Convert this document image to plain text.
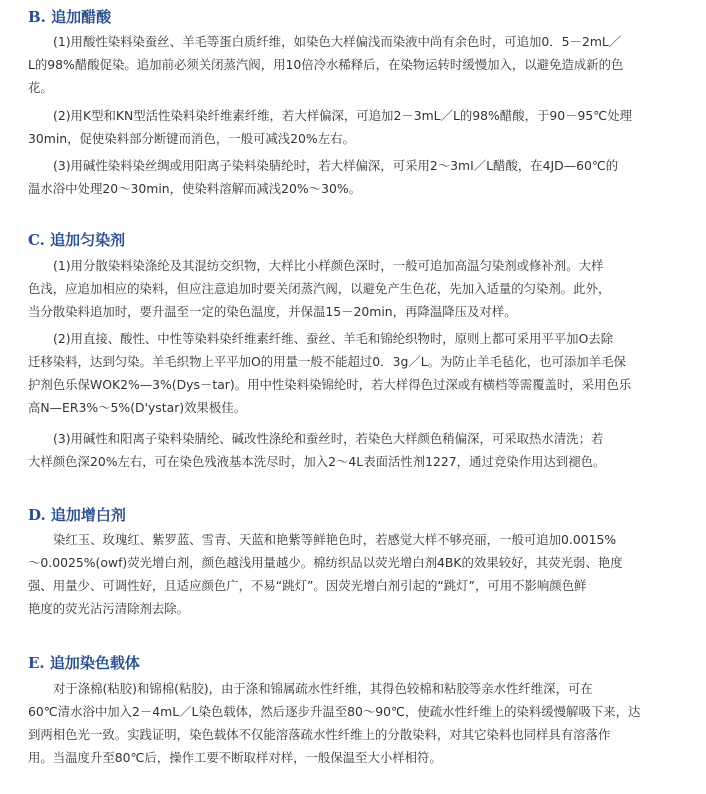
B. 追加醋酸
(1)用酸性染料染蚕丝、羊毛等蛋白质纤维，如染色大样偏浅而染液中尚有余色时，可追加0．5－2mL／
L的98%醋酸促染。追加前必须关闭蒸汽阀，用10倍冷水稀释后，在染物运转时缓慢加入，以避免造成新的色
花。
(2)用K型和KN型活性染料染纤维素纤维，若大样偏深，可追加2－3mL／L的98%醋酸，于90－95℃处理
30min，促使染料部分断键而消色，一般可减浅20%左右。
(3)用碱性染料染丝绸或用阳离子染料染腈纶时，若大样偏深，可采用2～3mI／L醋酸，在4JD—60℃的
温水浴中处理20～30min，使染料溶解而减浅20%～30%。
C. 追加匀染剂
(1)用分散染料染涤纶及其混纺交织物，大样比小样颜色深时，一般可追加高温匀染剂或修补剂。大样
色浅，应追加相应的染料，但应注意追加时要关闭蒸汽阀，以避免产生色花，先加入适量的匀染剂。此外，
当分散染料追加时，要升温至一定的染色温度，并保温15－20min，再降温降压及对样。
(2)用直接、酸性、中性等染料染纤维素纤维、蚕丝、羊毛和锦纶织物时，原则上都可采用平平加O去除
迁移染料，达到匀染。羊毛织物上平平加O的用量一般不能超过0．3g／L。为防止羊毛毡化，也可添加羊毛保
护剂色乐保WOK2%—3%(Dys－tar)。用中性染料染锦纶时，若大样得色过深或有横档等需覆盖时，采用色乐
高N—ER3%～5%(D'ystar)效果极佳。
(3)用碱性和阳离子染料染腈纶、碱改性涤纶和蚕丝时，若染色大样颜色稍偏深，可采取热水清洗；若
大样颜色深20%左右，可在染色残液基本洗尽时，加入2～4L表面活性剂1227，通过竞染作用达到褪色。
D. 追加增白剂
染红玉、玫瑰红、紫罗蓝、雪青、天蓝和艳紫等鲜艳色时，若感觉大样不够亮丽，一般可追加0.0015%
～0.0025%(owf)荧光增白剂，颜色越浅用量越少。棉纺织品以荧光增白剂4BK的效果较好，其荧光弱、艳度
强、用量少、可调性好，且适应颜色广，不易“跳灯”。因荧光增白剂引起的“跳灯”，可用不影响颜色鲜
艳度的荧光沾污清除剂去除。
E. 追加染色载体
对于涤棉(粘胶)和锦棉(粘胶)，由于涤和锦属疏水性纤维，其得色较棉和粘胶等亲水性纤维深，可在
60℃清水浴中加入2－4mL／L染色载体，然后逐步升温至80～90℃，使疏水性纤维上的染料缓慢解吸下来，达
到两相色光一致。实践证明，染色载体不仅能溶落疏水性纤维上的分散染料，对其它染料也同样具有溶落作
用。当温度升至80℃后，操作工要不断取样对样，一般保温至大小样相符。
